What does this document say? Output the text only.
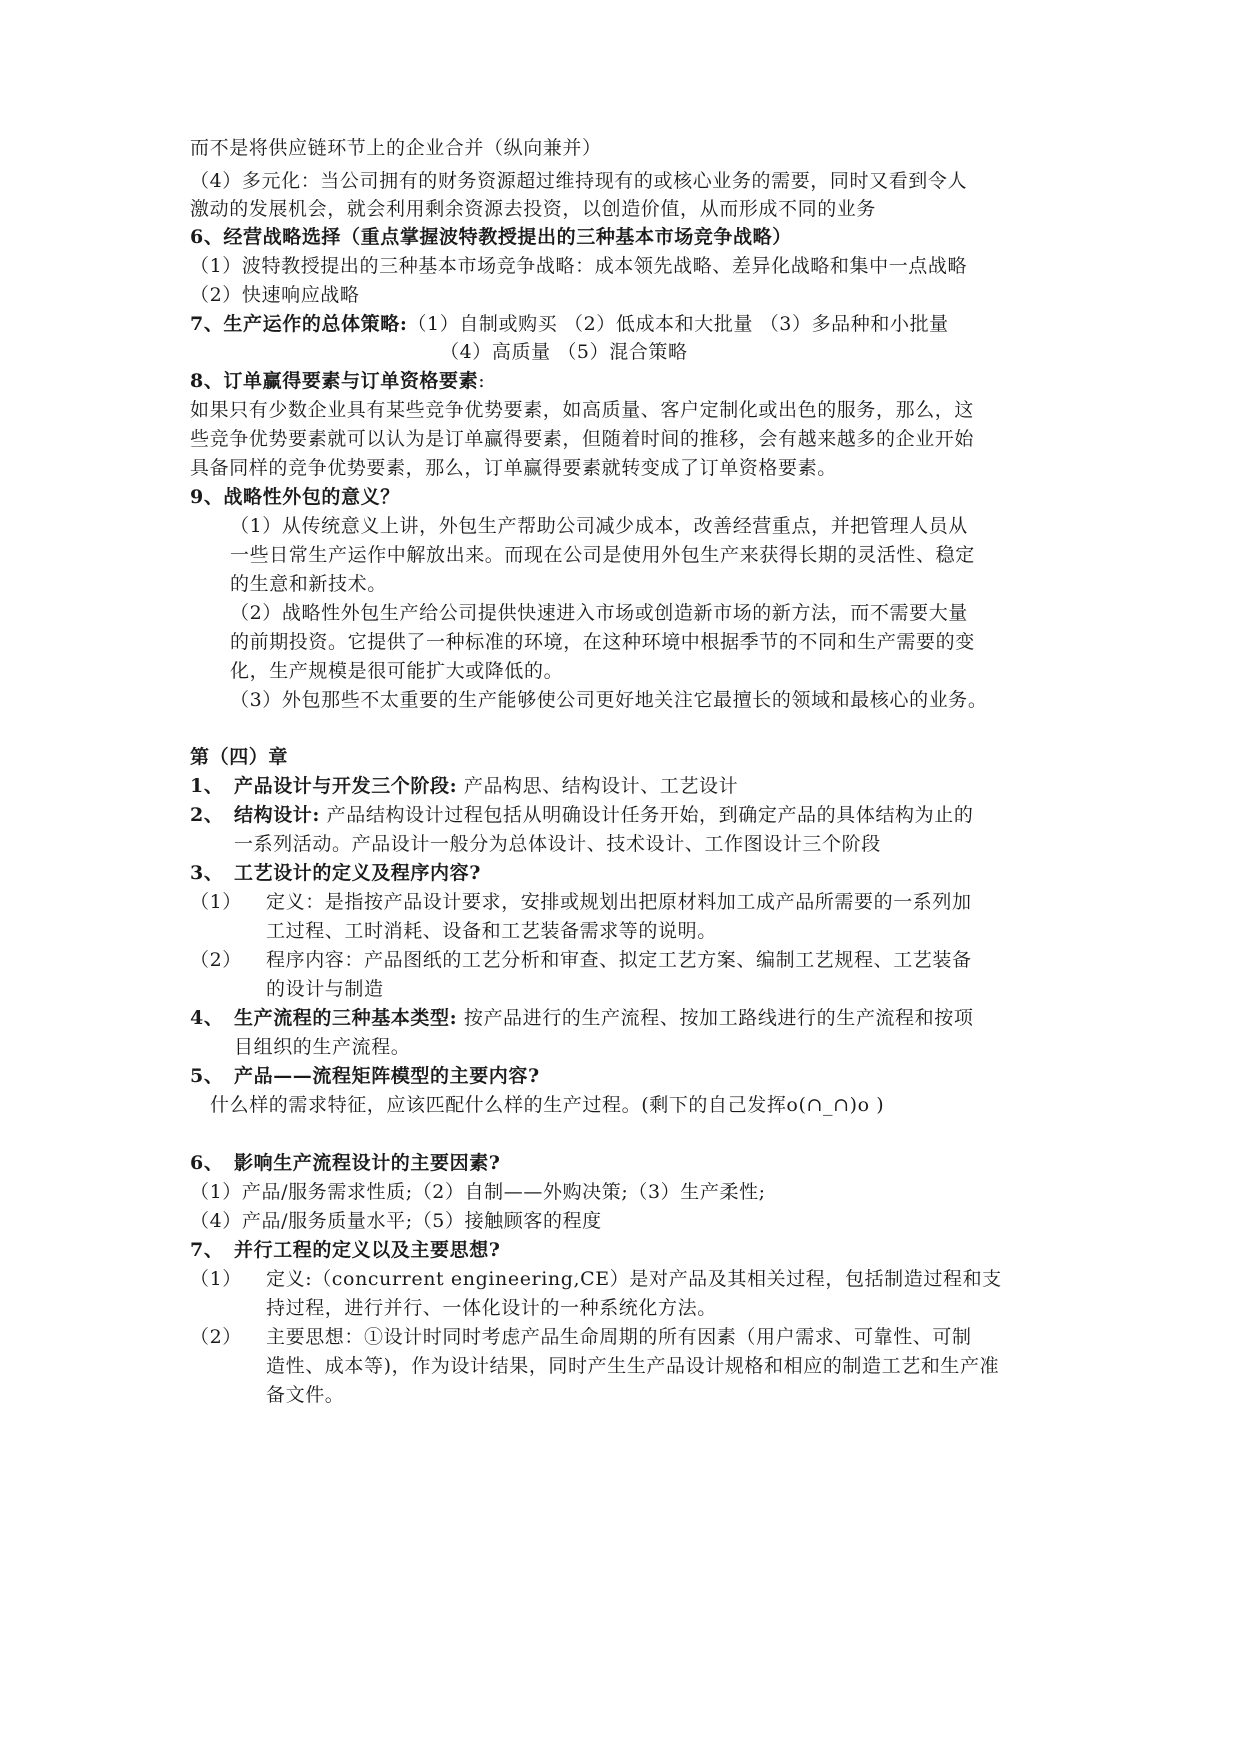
而不是将供应链环节上的企业合并（纵向兼并）
（4）多元化：当公司拥有的财务资源超过维持现有的或核心业务的需要，同时又看到令人
激动的发展机会，就会利用剩余资源去投资，以创造价值，从而形成不同的业务
6、经营战略选择（重点掌握波特教授提出的三种基本市场竞争战略）
（1）波特教授提出的三种基本市场竞争战略：成本领先战略、差异化战略和集中一点战略
（2）快速响应战略
7、生产运作的总体策略:（1）自制或购买 （2）低成本和大批量 （3）多品种和小批量
（4）高质量 （5）混合策略
8、订单赢得要素与订单资格要素:
如果只有少数企业具有某些竞争优势要素，如高质量、客户定制化或出色的服务，那么，这
些竞争优势要素就可以认为是订单赢得要素，但随着时间的推移，会有越来越多的企业开始
具备同样的竞争优势要素，那么，订单赢得要素就转变成了订单资格要素。
9、战略性外包的意义？
（1）从传统意义上讲，外包生产帮助公司减少成本，改善经营重点，并把管理人员从
一些日常生产运作中解放出来。而现在公司是使用外包生产来获得长期的灵活性、稳定
的生意和新技术。
（2）战略性外包生产给公司提供快速进入市场或创造新市场的新方法，而不需要大量
的前期投资。它提供了一种标准的环境，在这种环境中根据季节的不同和生产需要的变
化，生产规模是很可能扩大或降低的。
（3）外包那些不太重要的生产能够使公司更好地关注它最擅长的领域和最核心的业务。
第（四）章
1、 产品设计与开发三个阶段: 产品构思、结构设计、工艺设计
2、 结构设计: 产品结构设计过程包括从明确设计任务开始，到确定产品的具体结构为止的
一系列活动。产品设计一般分为总体设计、技术设计、工作图设计三个阶段
3、 工艺设计的定义及程序内容?
（1） 定义：是指按产品设计要求，安排或规划出把原材料加工成产品所需要的一系列加
工过程、工时消耗、设备和工艺装备需求等的说明。
（2） 程序内容：产品图纸的工艺分析和审查、拟定工艺方案、编制工艺规程、工艺装备
的设计与制造
4、 生产流程的三种基本类型: 按产品进行的生产流程、按加工路线进行的生产流程和按项
目组织的生产流程。
5、 产品——流程矩阵模型的主要内容?
什么样的需求特征，应该匹配什么样的生产过程。(剩下的自己发挥o(∩_∩)o )
6、 影响生产流程设计的主要因素?
（1）产品/服务需求性质;（2）自制——外购决策;（3）生产柔性;
（4）产品/服务质量水平;（5）接触顾客的程度
7、 并行工程的定义以及主要思想?
（1） 定义:（concurrent engineering,CE）是对产品及其相关过程，包括制造过程和支
持过程，进行并行、一体化设计的一种系统化方法。
（2） 主要思想：①设计时同时考虑产品生命周期的所有因素（用户需求、可靠性、可制
造性、成本等)，作为设计结果，同时产生生产品设计规格和相应的制造工艺和生产准
备文件。
